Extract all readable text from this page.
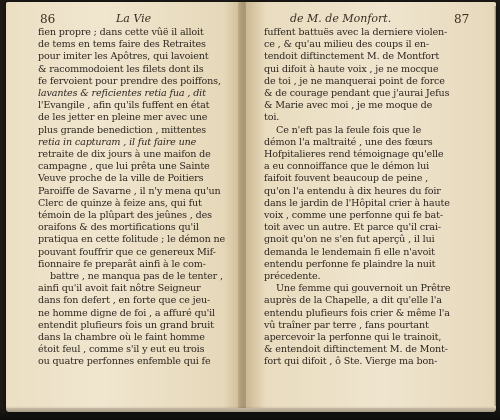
86	La Vie
fien propre ; dans cette vûë il alloit
de tems en tems faire des Retraites
pour imiter les Apôtres, qui lavoient
& racommodoient les filets dont ils
fe fervoient pour prendre des poiffons,
lavantes & reficientes retia fua , dit
l'Evangile , afin qu'ils fuffent en état
de les jetter en pleine mer avec une
plus grande benediction , mittentes
retia in capturam , il fut faire une
retraite de dix jours à une maifon de
campagne , que lui prêta une Sainte
Veuve proche de la ville de Poitiers
Paroiffe de Savarne , il n'y mena qu'un
Clerc de quinze à feize ans, qui fut
témoin de la plûpart des jeûnes , des
oraifons & des mortifications qu'il
pratiqua en cette folitude ; le démon ne
pouvant fouffrir que ce genereux Mif-
fionnaire fe preparât ainfi à le com-
battre , ne manqua pas de le tenter ,
ainfi qu'il avoit fait nôtre Seigneur
dans fon defert , en forte que ce jeu-
ne homme digne de foi , a affuré qu'il
entendit plufieurs fois un grand bruit
dans la chambre où le faint homme
étoit feul , comme s'il y eut eu trois
ou quatre perfonnes enfemble qui fe
de M. de Monfort.	87
fuffent battuës avec la derniere violen-
ce , & qu'au milieu des coups il en-
tendoit diftinctement M. de Montfort
qui difoit à haute voix , je ne mocque
de toi , je ne manquerai point de force
& de courage pendant que j'aurai Jefus
& Marie avec moi , je me moque de
toi.
Ce n'eft pas la feule fois que le
démon l'a maltraité , une des fœurs
Hofpitalieres rend témoignage qu'elle
a eu connoiffance que le démon lui
faifoit fouvent beaucoup de peine ,
qu'on l'a entendu à dix heures du foir
dans le jardin de l'Hôpital crier à haute
voix , comme une perfonne qui fe bat-
toit avec un autre. Et parce qu'il crai-
gnoit qu'on ne s'en fut aperçû , il lui
demanda le lendemain fi elle n'avoit
entendu perfonne fe plaindre la nuit
précedente.
Une femme qui gouvernoit un Prêtre
auprès de la Chapelle, a dit qu'elle l'a
entendu plufieurs fois crier & même l'a
vû traîner par terre , fans pourtant
apercevoir la perfonne qui le trainoit,
& entendoit diftinctement M. de Mont-
fort qui difoit , ô Ste. Vierge ma bon-
